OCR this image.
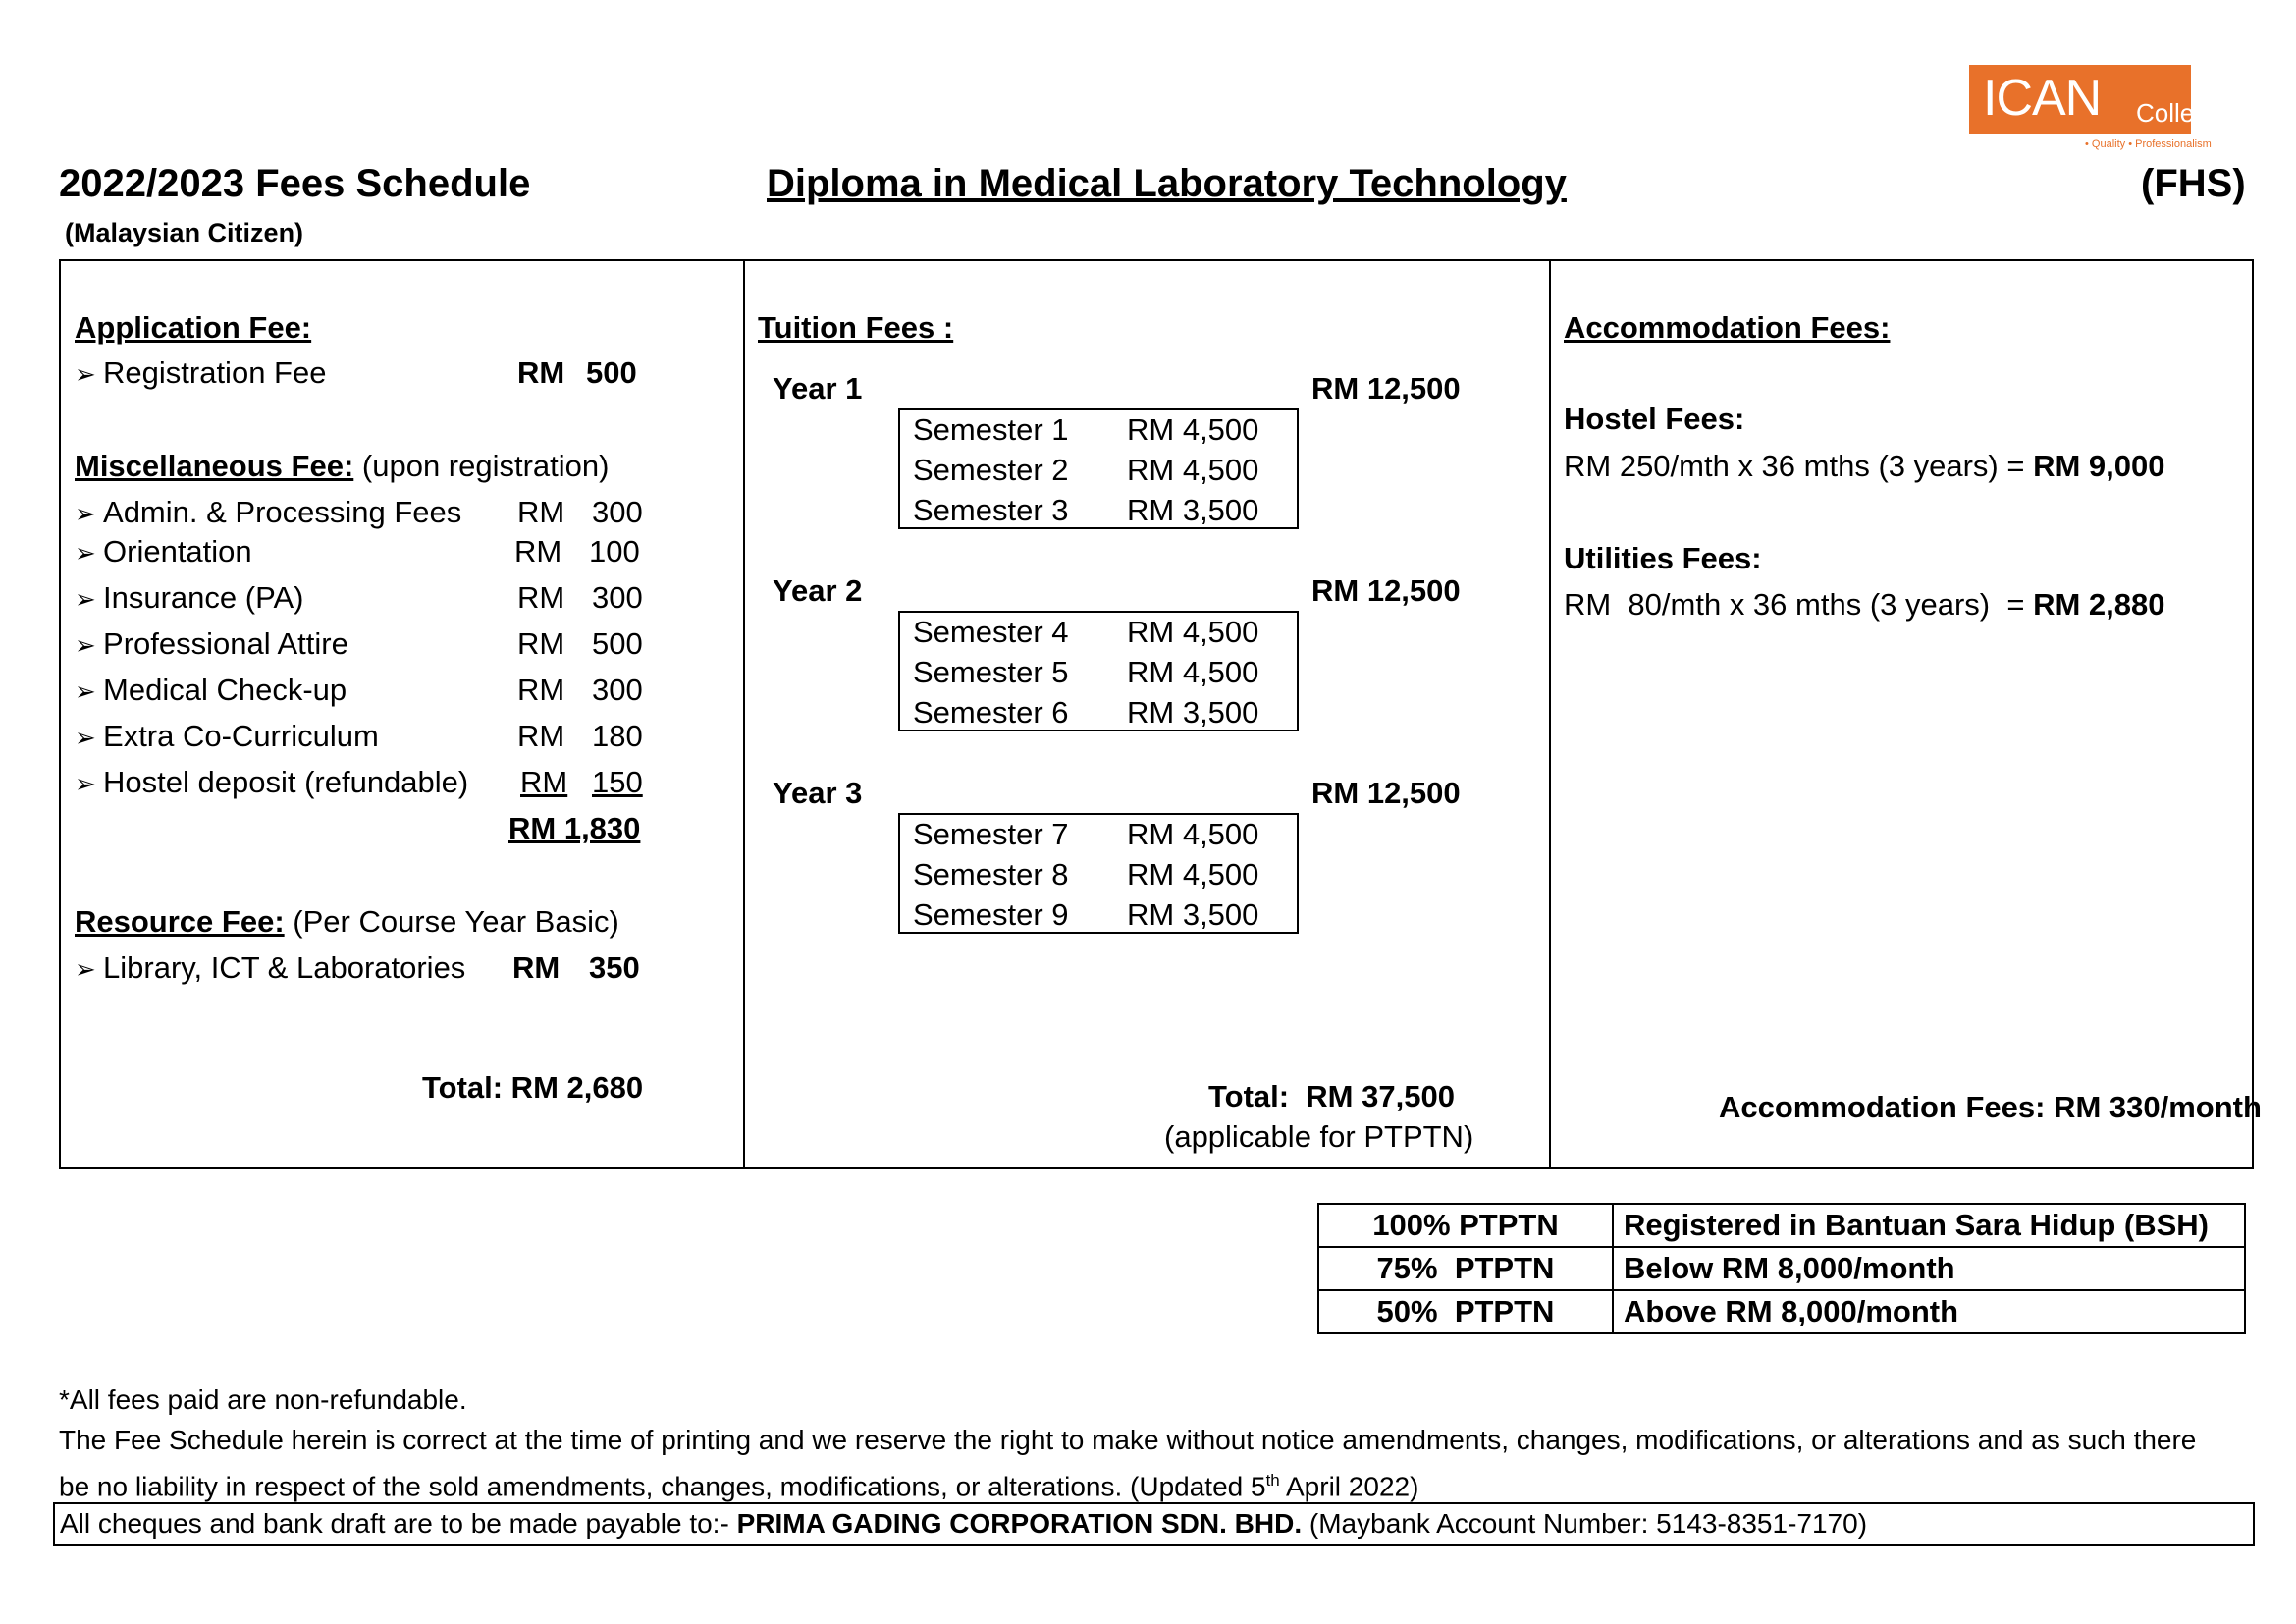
ICAN College
• Quality • Professionalism
2022/2023 Fees Schedule
(Malaysian Citizen)
Diploma in Medical Laboratory Technology	(FHS)
Application Fee:
➢ Registration Fee	RM 500
Miscellaneous Fee: (upon registration)
➢ Admin. & Processing Fees RM 300
➢ Orientation	RM 100
➢ Insurance (PA)	RM 300
➢ Professional Attire	RM 500
➢ Medical Check-up	RM 300
➢ Extra Co-Curriculum	RM 180
➢ Hostel deposit (refundable) RM 150
RM 1,830
Resource Fee: (Per Course Year Basic)
➢ Library, ICT & Laboratories RM 350
Total: RM 2,680
Tuition Fees :
Year 1	RM 12,500
Semester 1 RM 4,500
Semester 2 RM 4,500
Semester 3 RM 3,500
Year 2	RM 12,500
Semester 4 RM 4,500
Semester 5 RM 4,500
Semester 6 RM 3,500
Year 3	RM 12,500
Semester 7 RM 4,500
Semester 8 RM 4,500
Semester 9 RM 3,500
Total:  RM 37,500
(applicable for PTPTN)
Accommodation Fees:
Hostel Fees:
RM 250/mth x 36 mths (3 years) = RM 9,000
Utilities Fees:
RM  80/mth x 36 mths (3 years)  = RM 2,880
Accommodation Fees: RM 330/month
100% PTPTN	Registered in Bantuan Sara Hidup (BSH)
75%  PTPTN	Below RM 8,000/month
50%  PTPTN	Above RM 8,000/month
*All fees paid are non-refundable.
The Fee Schedule herein is correct at the time of printing and we reserve the right to make without notice amendments, changes, modifications, or alterations and as such there
be no liability in respect of the sold amendments, changes, modifications, or alterations. (Updated 5th April 2022)
All cheques and bank draft are to be made payable to:- PRIMA GADING CORPORATION SDN. BHD. (Maybank Account Number: 5143-8351-7170)
